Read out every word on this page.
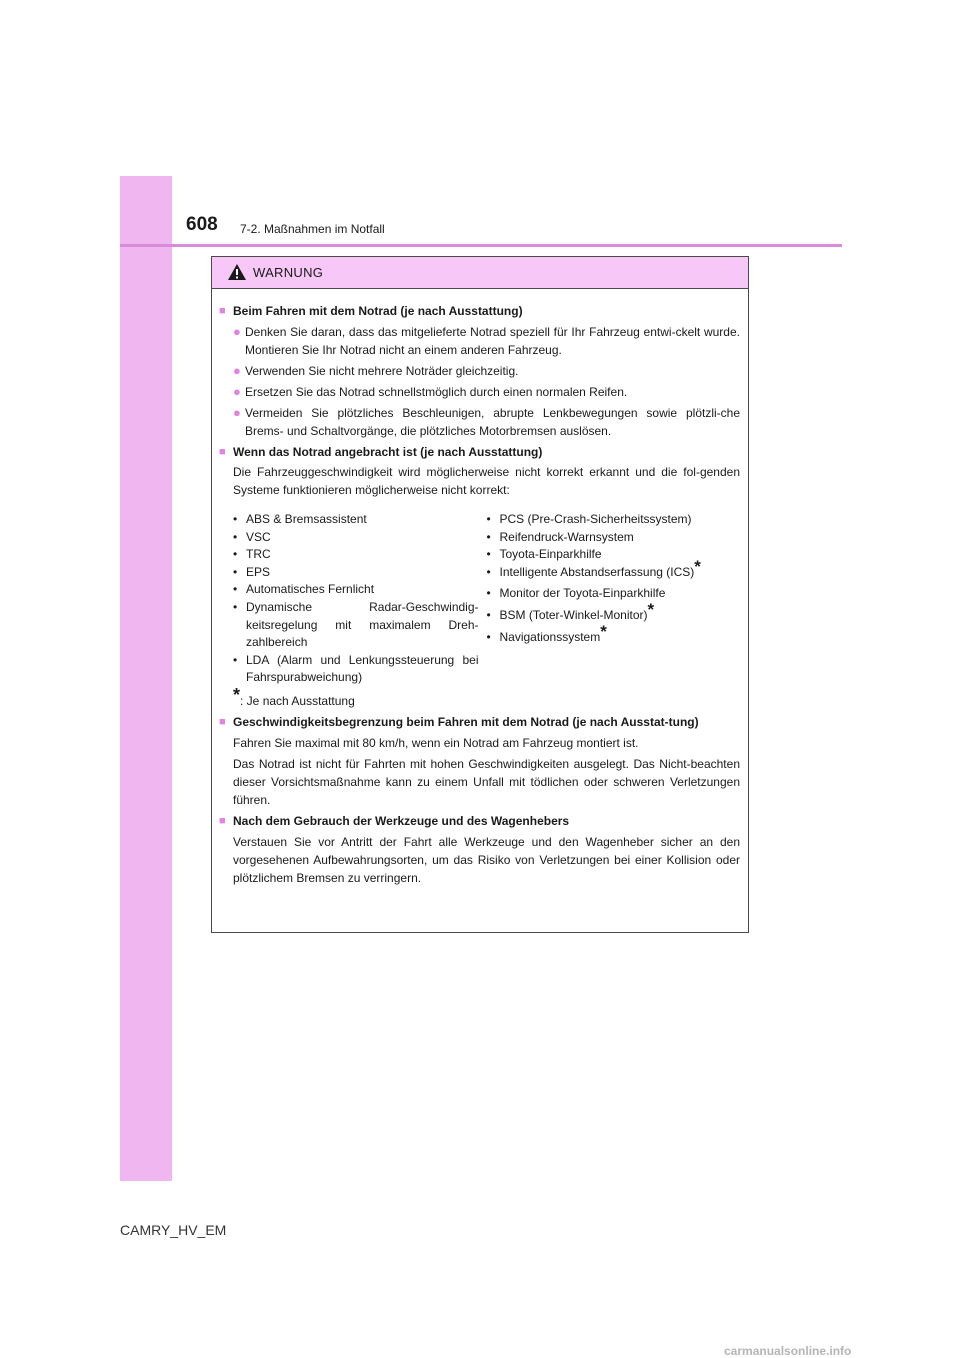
608 7-2. Maßnahmen im Notfall
WARNUNG
■ Beim Fahren mit dem Notrad (je nach Ausstattung)
● Denken Sie daran, dass das mitgelieferte Notrad speziell für Ihr Fahrzeug entwi-ckelt wurde. Montieren Sie Ihr Notrad nicht an einem anderen Fahrzeug.
● Verwenden Sie nicht mehrere Noträder gleichzeitig.
● Ersetzen Sie das Notrad schnellstmöglich durch einen normalen Reifen.
● Vermeiden Sie plötzliches Beschleunigen, abrupte Lenkbewegungen sowie plötzli-che Brems- und Schaltvorgänge, die plötzliches Motorbremsen auslösen.
■ Wenn das Notrad angebracht ist (je nach Ausstattung)
Die Fahrzeuggeschwindigkeit wird möglicherweise nicht korrekt erkannt und die fol-genden Systeme funktionieren möglicherweise nicht korrekt:
• ABS & Bremsassistent
• VSC
• TRC
• EPS
• Automatisches Fernlicht
• Dynamische Radar-Geschwindig-keitsregelung mit maximalem Dreh-zahlbereich
• LDA (Alarm und Lenkungssteuerung bei Fahrspurabweichung)
• PCS (Pre-Crash-Sicherheitssystem)
• Reifendruck-Warnsystem
• Toyota-Einparkhilfe
• Intelligente Abstandserfassung (ICS)*
• Monitor der Toyota-Einparkhilfe
• BSM (Toter-Winkel-Monitor)*
• Navigationssystem*
*: Je nach Ausstattung
■ Geschwindigkeitsbegrenzung beim Fahren mit dem Notrad (je nach Ausstat-tung)
Fahren Sie maximal mit 80 km/h, wenn ein Notrad am Fahrzeug montiert ist.
Das Notrad ist nicht für Fahrten mit hohen Geschwindigkeiten ausgelegt. Das Nicht-beachten dieser Vorsichtsmaßnahme kann zu einem Unfall mit tödlichen oder schweren Verletzungen führen.
■ Nach dem Gebrauch der Werkzeuge und des Wagenhebers
Verstauen Sie vor Antritt der Fahrt alle Werkzeuge und den Wagenheber sicher an den vorgesehenen Aufbewahrungsorten, um das Risiko von Verletzungen bei einer Kollision oder plötzlichem Bremsen zu verringern.
CAMRY_HV_EM
carmanualsonline.info
